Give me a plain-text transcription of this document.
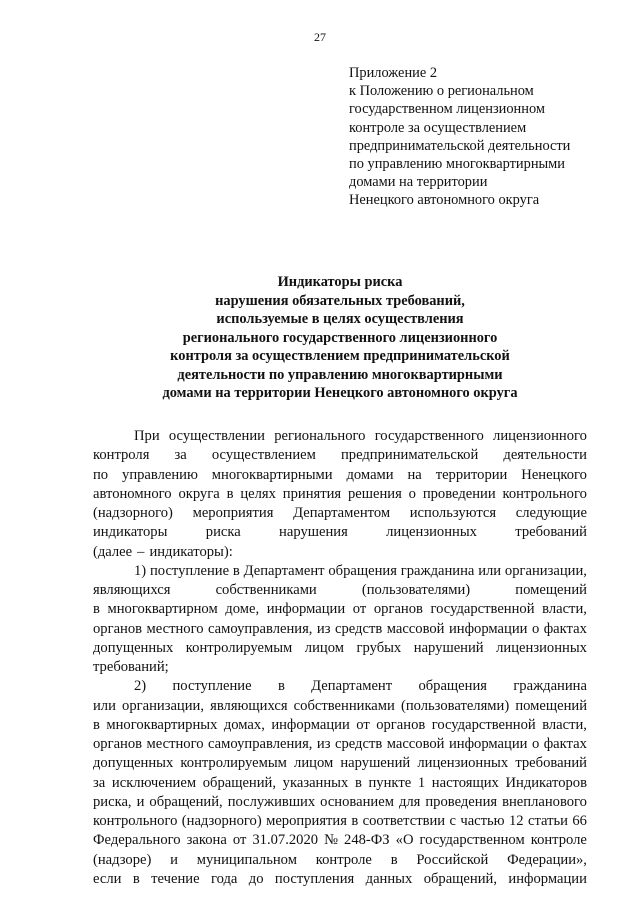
27
Приложение 2
к Положению о региональном
государственном лицензионном
контроле за осуществлением
предпринимательской деятельности
по управлению многоквартирными
домами на территории
Ненецкого автономного округа
Индикаторы риска
нарушения обязательных требований,
используемые в целях осуществления
регионального государственного лицензионного
контроля за осуществлением предпринимательской
деятельности по управлению многоквартирными
домами на территории Ненецкого автономного округа
При осуществлении регионального государственного лицензионного
контроля за осуществлением предпринимательской деятельности
по управлению многоквартирными домами на территории Ненецкого
автономного округа в целях принятия решения о проведении контрольного
(надзорного) мероприятия Департаментом используются следующие
индикаторы	риска	нарушения	лицензионных	требований
(далее – индикаторы):
1) поступление в Департамент обращения гражданина или организации,
являющихся	собственниками	(пользователями)	помещений
в многоквартирном доме, информации от органов государственной власти,
органов местного самоуправления, из средств массовой информации о фактах
допущенных контролируемым лицом грубых нарушений лицензионных
требований;
2) поступление в Департамент обращения гражданина
или организации, являющихся собственниками (пользователями) помещений
в многоквартирных домах, информации от органов государственной власти,
органов местного самоуправления, из средств массовой информации о фактах
допущенных контролируемым лицом нарушений лицензионных требований
за исключением обращений, указанных в пункте 1 настоящих Индикаторов
риска, и обращений, послуживших основанием для проведения внепланового
контрольного (надзорного) мероприятия в соответствии с частью 12 статьи 66
Федерального закона от 31.07.2020 № 248-ФЗ «О государственном контроле
(надзоре) и муниципальном контроле в Российской Федерации»,
если в течение года до поступления данных обращений, информации
